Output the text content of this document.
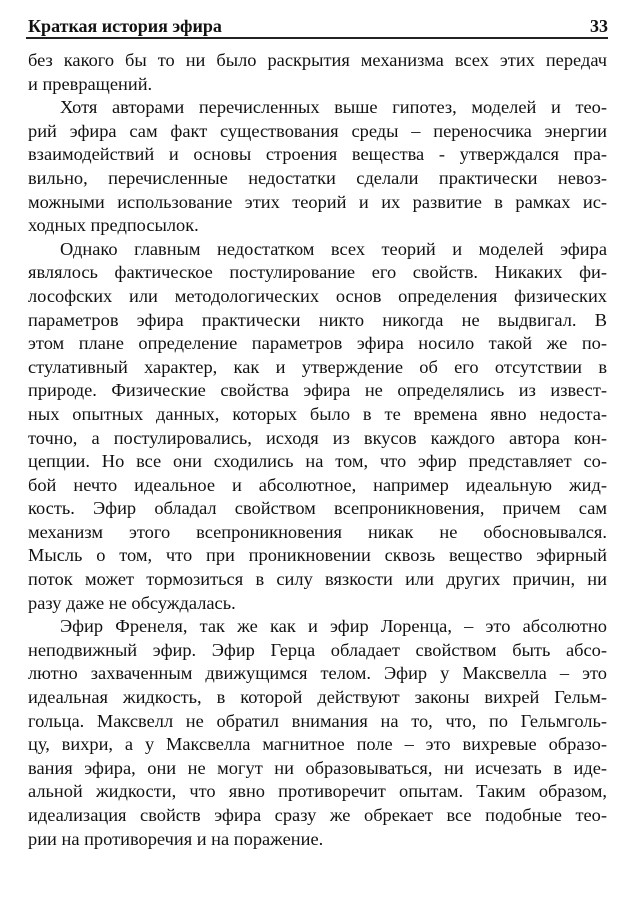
Краткая история эфира	33
без какого бы то ни было раскрытия механизма всех этих передач
и превращений.
Хотя авторами перечисленных выше гипотез, моделей и тео-
рий эфира сам факт существования среды – переносчика энергии
взаимодействий и основы строения вещества - утверждался пра-
вильно, перечисленные недостатки сделали практически невоз-
можными использование этих теорий и их развитие в рамках ис-
ходных предпосылок.
Однако главным недостатком всех теорий и моделей эфира
являлось фактическое постулирование его свойств. Никаких фи-
лософских или методологических основ определения физических
параметров эфира практически никто никогда не выдвигал. В
этом плане определение параметров эфира носило такой же по-
стулативный характер, как и утверждение об его отсутствии в
природе. Физические свойства эфира не определялись из извест-
ных опытных данных, которых было в те времена явно недоста-
точно, а постулировались, исходя из вкусов каждого автора кон-
цепции. Но все они сходились на том, что эфир представляет со-
бой нечто идеальное и абсолютное, например идеальную жид-
кость. Эфир обладал свойством всепроникновения, причем сам
механизм этого всепроникновения никак не обосновывался.
Мысль о том, что при проникновении сквозь вещество эфирный
поток может тормозиться в силу вязкости или других причин, ни
разу даже не обсуждалась.
Эфир Френеля, так же как и эфир Лоренца, – это абсолютно
неподвижный эфир. Эфир Герца обладает свойством быть абсо-
лютно захваченным движущимся телом. Эфир у Максвелла – это
идеальная жидкость, в которой действуют законы вихрей Гельм-
гольца. Максвелл не обратил внимания на то, что, по Гельмголь-
цу, вихри, а у Максвелла магнитное поле – это вихревые образо-
вания эфира, они не могут ни образовываться, ни исчезать в иде-
альной жидкости, что явно противоречит опытам. Таким образом,
идеализация свойств эфира сразу же обрекает все подобные тео-
рии на противоречия и на поражение.
